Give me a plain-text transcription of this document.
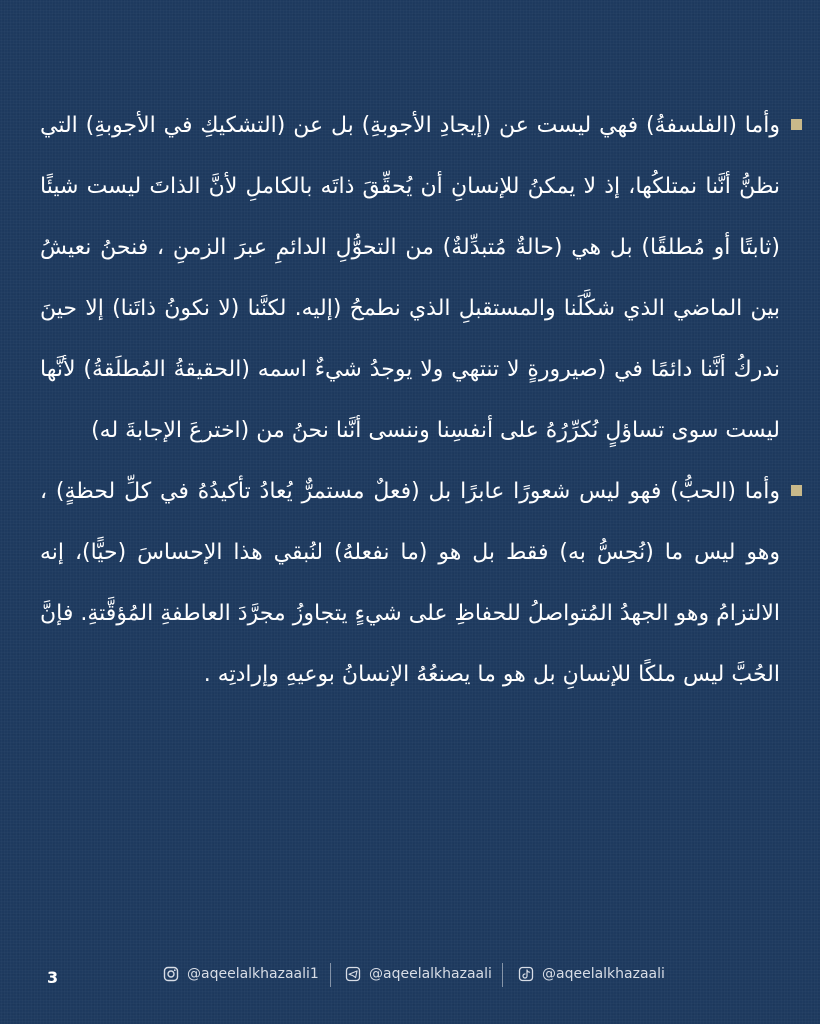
وأما (الفلسفةُ) فهي ليست عن (إيجادِ الأجوبةِ) بل عن (التشكيكِ في الأجوبةِ) التي نظنُّ أنَّنا نمتلكُها، إذ لا يمكنُ للإنسانِ أن يُحقِّقَ ذاتَه بالكاملِ لأنَّ الذاتَ ليست شيئًا (ثابتًا أو مُطلقًا) بل هي (حالةٌ مُتبدِّلةٌ) من التحوُّلِ الدائمِ عبرَ الزمنِ ، فنحنُ نعيشُ بين الماضي الذي شكَّلَنا والمستقبلِ الذي نطمحُ (إليه. لكنَّنا (لا نكونُ ذاتَنا) إلا حينَ ندركُ أنَّنا دائمًا في (صيرورةٍ لا تنتهي ولا يوجدُ شيءٌ اسمه (الحقيقةُ المُطلَقةُ) لأنَّها ليست سوى تساؤلٍ نُكرِّرُهُ على أنفسِنا وننسى أنَّنا نحنُ من (اخترعَ الإجابةَ له)
وأما (الحبُّ) فهو ليس شعورًا عابرًا بل (فعلٌ مستمرٌّ يُعادُ تأكيدُهُ في كلِّ لحظةٍ) ، وهو ليس ما (نُحِسُّ به) فقط بل هو (ما نفعلهُ) لنُبقي هذا الإحساسَ (حيًّا)، إنه الالتزامُ وهو الجهدُ المُتواصلُ للحفاظِ على شيءٍ يتجاوزُ مجرَّدَ العاطفةِ المُؤقَّتةِ. فإنَّ الحُبَّ ليس ملكًا للإنسانِ بل هو ما يصنعُهُ الإنسانُ بوعيهِ وإرادتِه .
3	@aqeelalkhazaali1	@aqeelalkhazaali	@aqeelalkhazaali
